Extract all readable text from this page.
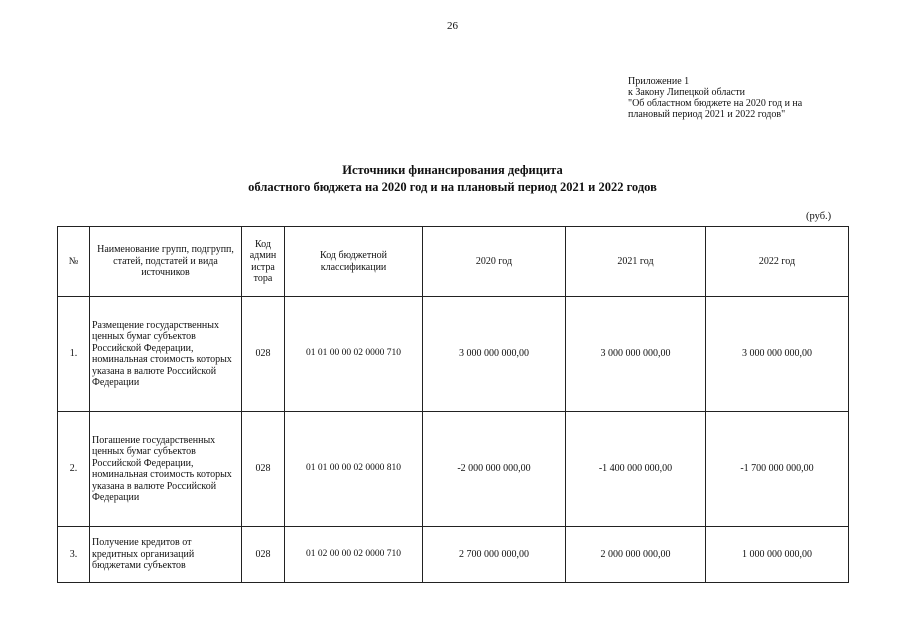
26
Приложение 1
к Закону Липецкой области
"Об областном бюджете на 2020 год и на
плановый период 2021 и 2022 годов"
Источники финансирования дефицита
областного бюджета на 2020 год и на плановый период 2021 и 2022 годов
(руб.)
№	Наименование групп, подгрупп, статей, подстатей и вида источников	Код админ истра тора	Код бюджетной классификации	2020 год	2021 год	2022 год
1.	Размещение государственных ценных бумаг субъектов Российской Федерации, номинальная стоимость которых указана в валюте Российской Федерации	028	01 01 00 00 02 0000 710	3 000 000 000,00	3 000 000 000,00	3 000 000 000,00
2.	Погашение государственных ценных бумаг субъектов Российской Федерации, номинальная стоимость которых указана в валюте Российской Федерации	028	01 01 00 00 02 0000 810	-2 000 000 000,00	-1 400 000 000,00	-1 700 000 000,00
3.	Получение кредитов от кредитных организаций бюджетами субъектов	028	01 02 00 00 02 0000 710	2 700 000 000,00	2 000 000 000,00	1 000 000 000,00
